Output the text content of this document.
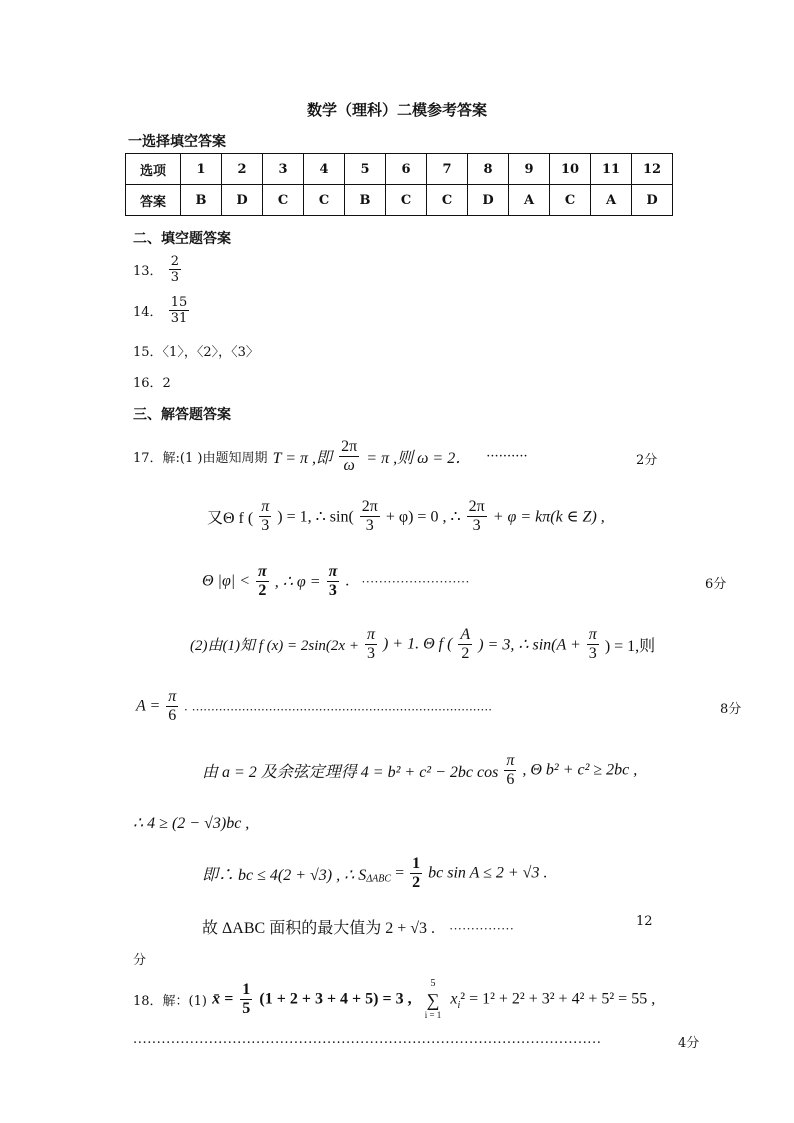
数学（理科）二模参考答案
一选择填空答案
选项	1	2	3	4	5	6	7	8	9	10	11	12
答案	B	D	C	C	B	C	C	D	A	C	A	D
二、填空题答案
13． $\frac{2}{3}$
14． $\frac{15}{31}$
15．〈1〉，〈2〉，〈3〉
16．2
三、解答题答案
17．解:(1 )由题知周期 T = π ,即 $\frac{2\pi}{\omega} = \pi$ ,则 ω = 2． ··········	2分
又Θ f ( $\frac{\pi}{3}$ ) = 1, ∴ $\sin( \frac{2\pi}{3} + \varphi) = 0$ , ∴ $\frac{2\pi}{3} + \varphi = k\pi(k$ ∈ Z) ,
Θ $|\varphi| < \frac{\pi}{2}$ , ∴ $\varphi = \frac{\pi}{3}$ . ·························	6分
(2)由(1)知 f $(x) = 2\sin(2x + \frac{\pi}{3}$ ) + 1. Θ f ( $\frac{A}{2}$ ) = 3, ∴ $\sin(A + \frac{\pi}{3}$ ) = 1,则
$A = \frac{\pi}{6}$ . ..............................................................................	8分
由 a = 2 及余弦定理得 4 = b² + c² − 2bc $\cos \frac{\pi}{6}$ , Θ b² + c² ≥ 2bc ,
∴ 4 ≥ (2 − √3)bc ,
即∴ bc ≤ 4(2 + √3) , ∴ $S_{\Delta ABC} = \frac{1}{2}$ bc sin A ≤ 2 + √3 .
故 ΔABC 面积的最大值为 2 + √3 . ···············	12
分
18．解：(1) x̄ = $\frac{1}{5} (1 + 2 + 3 + 4 + 5) = 3$ ,
5
∑
i = 1
$x_i^2 = 1^2 + 2^2 + 3^2 + 4^2 + 5^2 = 55$ ,
...................................................................................................	4分
